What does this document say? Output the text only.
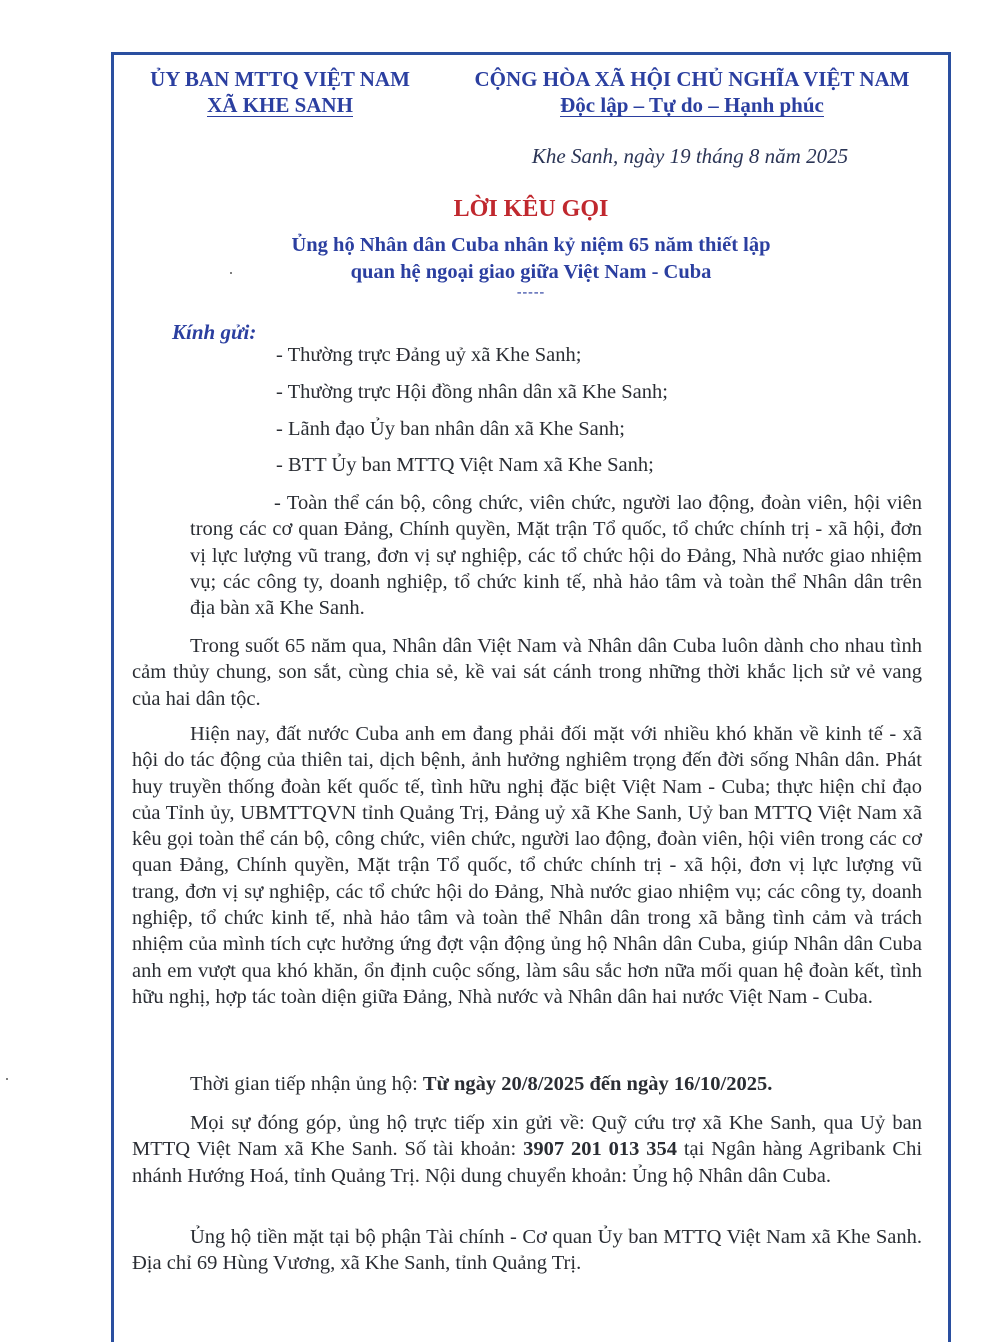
ỦY BAN MTTQ VIỆT NAM
XÃ KHE SANH
CỘNG HÒA XÃ HỘI CHỦ NGHĨA VIỆT NAM
Độc lập – Tự do – Hạnh phúc
Khe Sanh, ngày 19 tháng 8 năm 2025
LỜI KÊU GỌI
Ủng hộ Nhân dân Cuba nhân kỷ niệm 65 năm thiết lập
quan hệ ngoại giao giữa Việt Nam - Cuba
-----
Kính gửi:
- Thường trực Đảng uỷ xã Khe Sanh;
- Thường trực Hội đồng nhân dân xã Khe Sanh;
- Lãnh đạo Ủy ban nhân dân xã Khe Sanh;
- BTT Ủy ban MTTQ Việt Nam xã Khe Sanh;
- Toàn thể cán bộ, công chức, viên chức, người lao động, đoàn viên, hội viên trong các cơ quan Đảng, Chính quyền, Mặt trận Tổ quốc, tổ chức chính trị - xã hội, đơn vị lực lượng vũ trang, đơn vị sự nghiệp, các tổ chức hội do Đảng, Nhà nước giao nhiệm vụ; các công ty, doanh nghiệp, tổ chức kinh tế, nhà hảo tâm và toàn thể Nhân dân trên địa bàn xã Khe Sanh.
Trong suốt 65 năm qua, Nhân dân Việt Nam và Nhân dân Cuba luôn dành cho nhau tình cảm thủy chung, son sắt, cùng chia sẻ, kề vai sát cánh trong những thời khắc lịch sử vẻ vang của hai dân tộc.
Hiện nay, đất nước Cuba anh em đang phải đối mặt với nhiều khó khăn về kinh tế - xã hội do tác động của thiên tai, dịch bệnh, ảnh hưởng nghiêm trọng đến đời sống Nhân dân. Phát huy truyền thống đoàn kết quốc tế, tình hữu nghị đặc biệt Việt Nam - Cuba; thực hiện chỉ đạo của Tỉnh ủy, UBMTTQVN tỉnh Quảng Trị, Đảng uỷ xã Khe Sanh, Uỷ ban MTTQ Việt Nam xã kêu gọi toàn thể cán bộ, công chức, viên chức, người lao động, đoàn viên, hội viên trong các cơ quan Đảng, Chính quyền, Mặt trận Tổ quốc, tổ chức chính trị - xã hội, đơn vị lực lượng vũ trang, đơn vị sự nghiệp, các tổ chức hội do Đảng, Nhà nước giao nhiệm vụ; các công ty, doanh nghiệp, tổ chức kinh tế, nhà hảo tâm và toàn thể Nhân dân trong xã bằng tình cảm và trách nhiệm của mình tích cực hưởng ứng đợt vận động ủng hộ Nhân dân Cuba, giúp Nhân dân Cuba anh em vượt qua khó khăn, ổn định cuộc sống, làm sâu sắc hơn nữa mối quan hệ đoàn kết, tình hữu nghị, hợp tác toàn diện giữa Đảng, Nhà nước và Nhân dân hai nước Việt Nam - Cuba.
Thời gian tiếp nhận ủng hộ: Từ ngày 20/8/2025 đến ngày 16/10/2025.
Mọi sự đóng góp, ủng hộ trực tiếp xin gửi về: Quỹ cứu trợ xã Khe Sanh, qua Uỷ ban MTTQ Việt Nam xã Khe Sanh. Số tài khoản: 3907 201 013 354 tại Ngân hàng Agribank Chi nhánh Hướng Hoá, tỉnh Quảng Trị. Nội dung chuyển khoản: Ủng hộ Nhân dân Cuba.
Ủng hộ tiền mặt tại bộ phận Tài chính - Cơ quan Ủy ban MTTQ Việt Nam xã Khe Sanh. Địa chỉ 69 Hùng Vương, xã Khe Sanh, tỉnh Quảng Trị.
